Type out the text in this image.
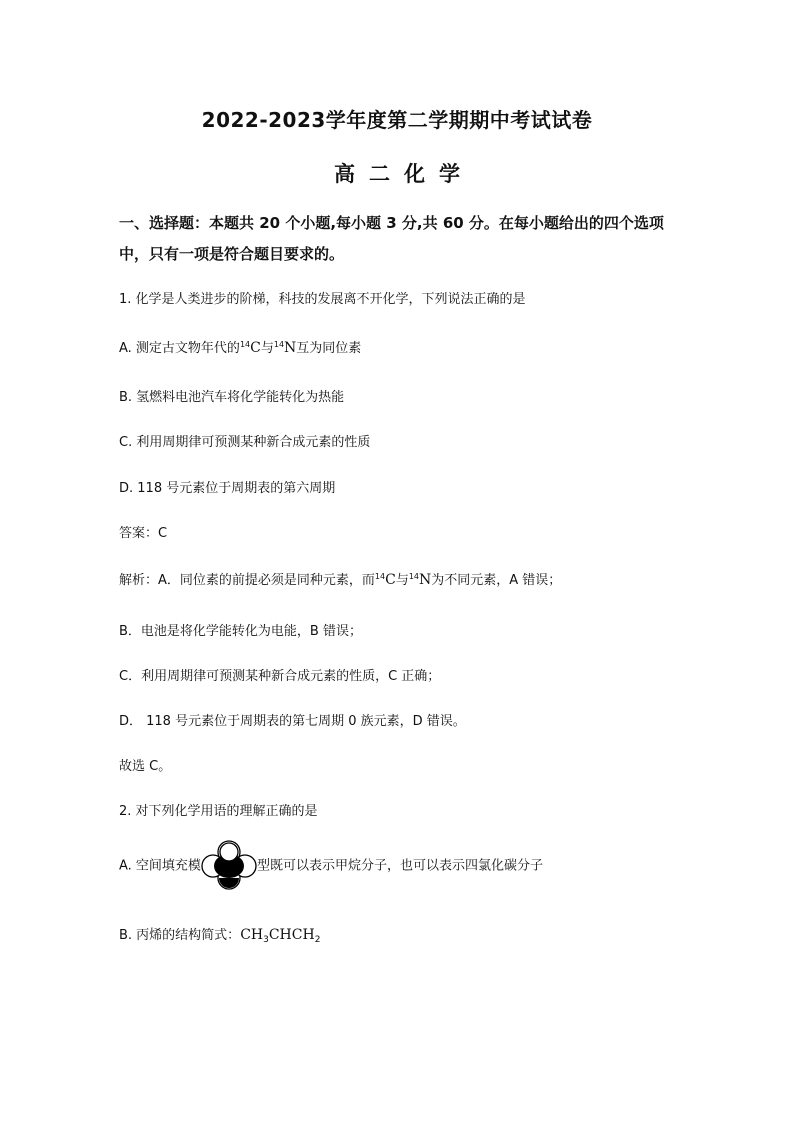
2022-2023学年度第二学期期中考试试卷
高二化学
一、选择题：本题共 20 个小题,每小题 3 分,共 60 分。在每小题给出的四个选项
中，只有一项是符合题目要求的。
1. 化学是人类进步的阶梯，科技的发展离不开化学，下列说法正确的是
A. 测定古文物年代的$^{14}$C与$^{14}$N互为同位素
B. 氢燃料电池汽车将化学能转化为热能
C. 利用周期律可预测某种新合成元素的性质
D. 118 号元素位于周期表的第六周期
答案：C
解析：A．同位素的前提必须是同种元素，而$^{14}$C与$^{14}$N为不同元素，A 错误；
B．电池是将化学能转化为电能，B 错误；
C．利用周期律可预测某种新合成元素的性质，C 正确；
D． 118 号元素位于周期表的第七周期 0 族元素，D 错误。
故选 C。
2. 对下列化学用语的理解正确的是
A. 空间填充模	型既可以表示甲烷分子，也可以表示四氯化碳分子
B. 丙烯的结构简式：$CH_3CHCH_2$
